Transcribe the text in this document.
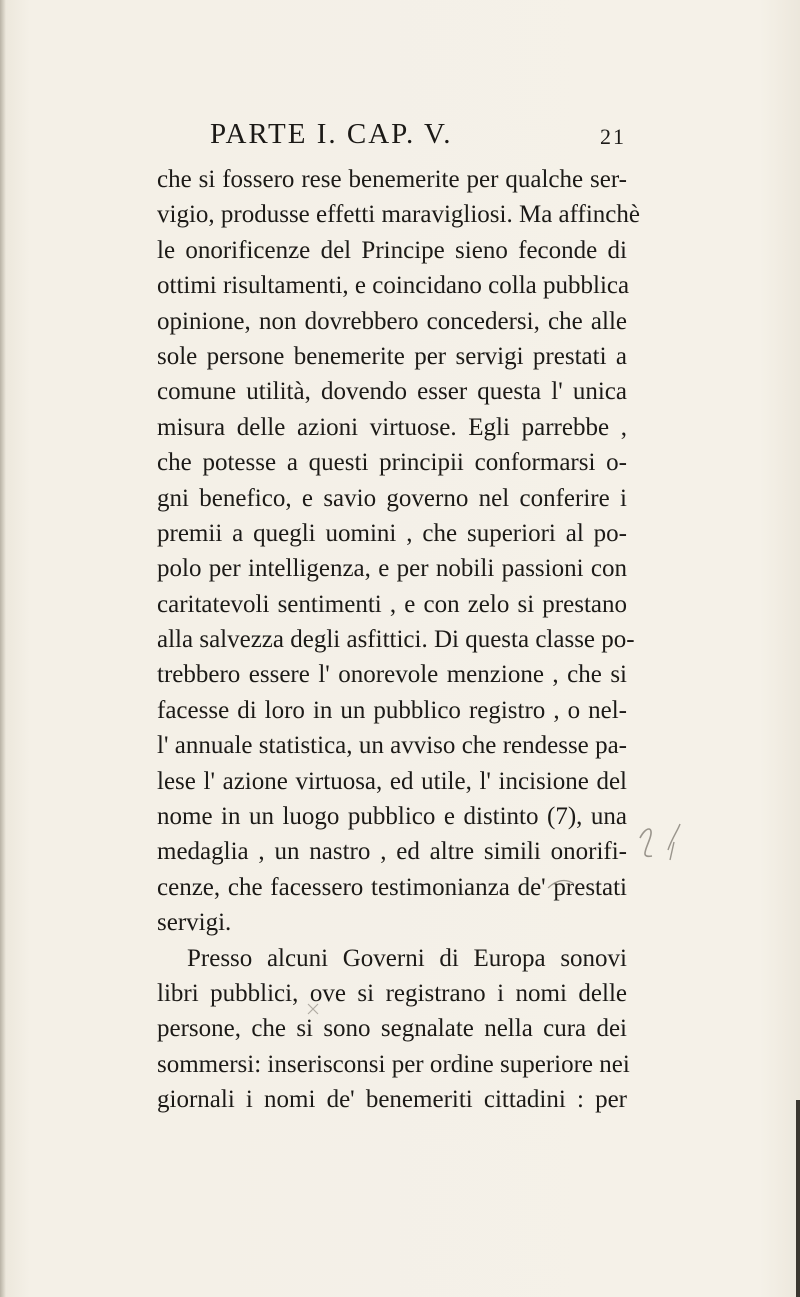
PARTE I. CAP. V.	21
che si fossero rese benemerite per qualche ser-
vigio, produsse effetti maravigliosi. Ma affinchè
le onorificenze del Principe sieno feconde di
ottimi risultamenti, e coincidano colla pubblica
opinione, non dovrebbero concedersi, che alle
sole persone benemerite per servigi prestati a
comune utilità, dovendo esser questa l' unica
misura delle azioni virtuose. Egli parrebbe ,
che potesse a questi principii conformarsi o-
gni benefico, e savio governo nel conferire i
premii a quegli uomini , che superiori al po-
polo per intelligenza, e per nobili passioni con
caritatevoli sentimenti , e con zelo si prestano
alla salvezza degli asfittici. Di questa classe po-
trebbero essere l' onorevole menzione , che si
facesse di loro in un pubblico registro , o nel-
l' annuale statistica, un avviso che rendesse pa-
lese l' azione virtuosa, ed utile, l' incisione del
nome in un luogo pubblico e distinto (7), una
medaglia , un nastro , ed altre simili onorifi-
cenze, che facessero testimonianza de' prestati
servigi.
Presso alcuni Governi di Europa sonovi
libri pubblici, ove si registrano i nomi delle
persone, che si sono segnalate nella cura dei
sommersi: inserisconsi per ordine superiore nei
giornali i nomi de' benemeriti cittadini : per
